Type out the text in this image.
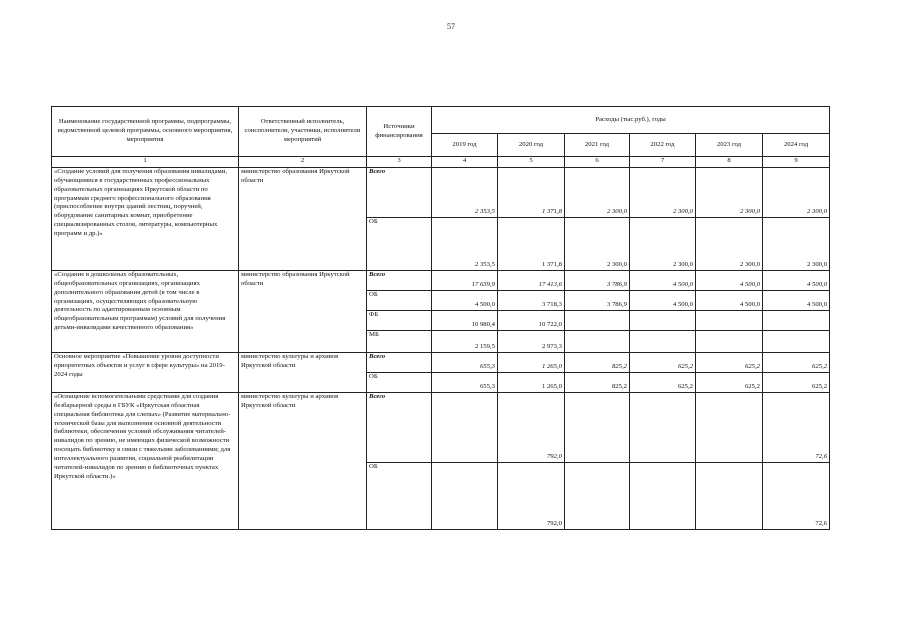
57
Наименование государственной программы, подпрограммы, ведомственной целевой программы, основного мероприятия, мероприятия	Ответственный исполнитель, соисполнители, участники, исполнители мероприятий	Источники финансирования	Расходы (тыс.руб.), годы					
			2019 год	2020 год	2021 год	2022 год	2023 год	2024 год
1	2	3	4	5	6	7	8	9
«Создание условий для получения образования инвалидами, обучающимися в государственных профессиональных образовательных организациях Иркутской области по программам среднего профессионального образования (приспособление внутри зданий лестниц, поручней, оборудование санитарных комнат, приобретение специализированных столов, литературы, компьютерных программ и др.)»	министерство образования Иркутской области	Всего	2 353,5	1 371,8	2 300,0	2 300,0	2 300,0	2 300,0
		ОБ	2 353,5	1 371,8	2 300,0	2 300,0	2 300,0	2 300,0
«Создание в дошкольных образовательных, общеобразовательных организациях, организациях дополнительного образования детей (в том числе в организациях, осуществляющих образовательную деятельность по адаптированным основным общеобразовательным программам) условий для получения детьми-инвалидами качественного образования»	министерство образования Иркутской области	Всего	17 639,9	17 413,6	3 786,9	4 500,0	4 500,0	4 500,0
		ОБ	4 500,0	3 718,3	3 786,9	4 500,0	4 500,0	4 500,0
		ФБ	10 980,4	10 722,0				
		МБ	2 159,5	2 973,3				
Основное мероприятие «Повышение уровня доступности приоритетных объектов и услуг в сфере культуры» на 2019-2024 годы	министерство культуры и архивов Иркутской области	Всего	655,3	1 265,0	825,2	625,2	625,2	625,2
		ОБ	655,3	1 265,0	825,2	625,2	625,2	625,2
«Оснащение вспомогательными средствами для создания безбарьерной среды в ГБУК «Иркутская областная специальная библиотека для слепых» (Развитие материально-технической базы для выполнения основной деятельности библиотеки, обеспечения условий обслуживания читателей-инвалидов по зрению, не имеющих физической возможности посещать библиотеку в связи с тяжелыми заболеваниями; для интеллектуального развития, социальной реабилитации читателей-инвалидов по зрению в библиотечных пунктах Иркутской области.)»	министерство культуры и архивов Иркутской области	Всего		792,0				72,6
		ОБ		792,0				72,6
